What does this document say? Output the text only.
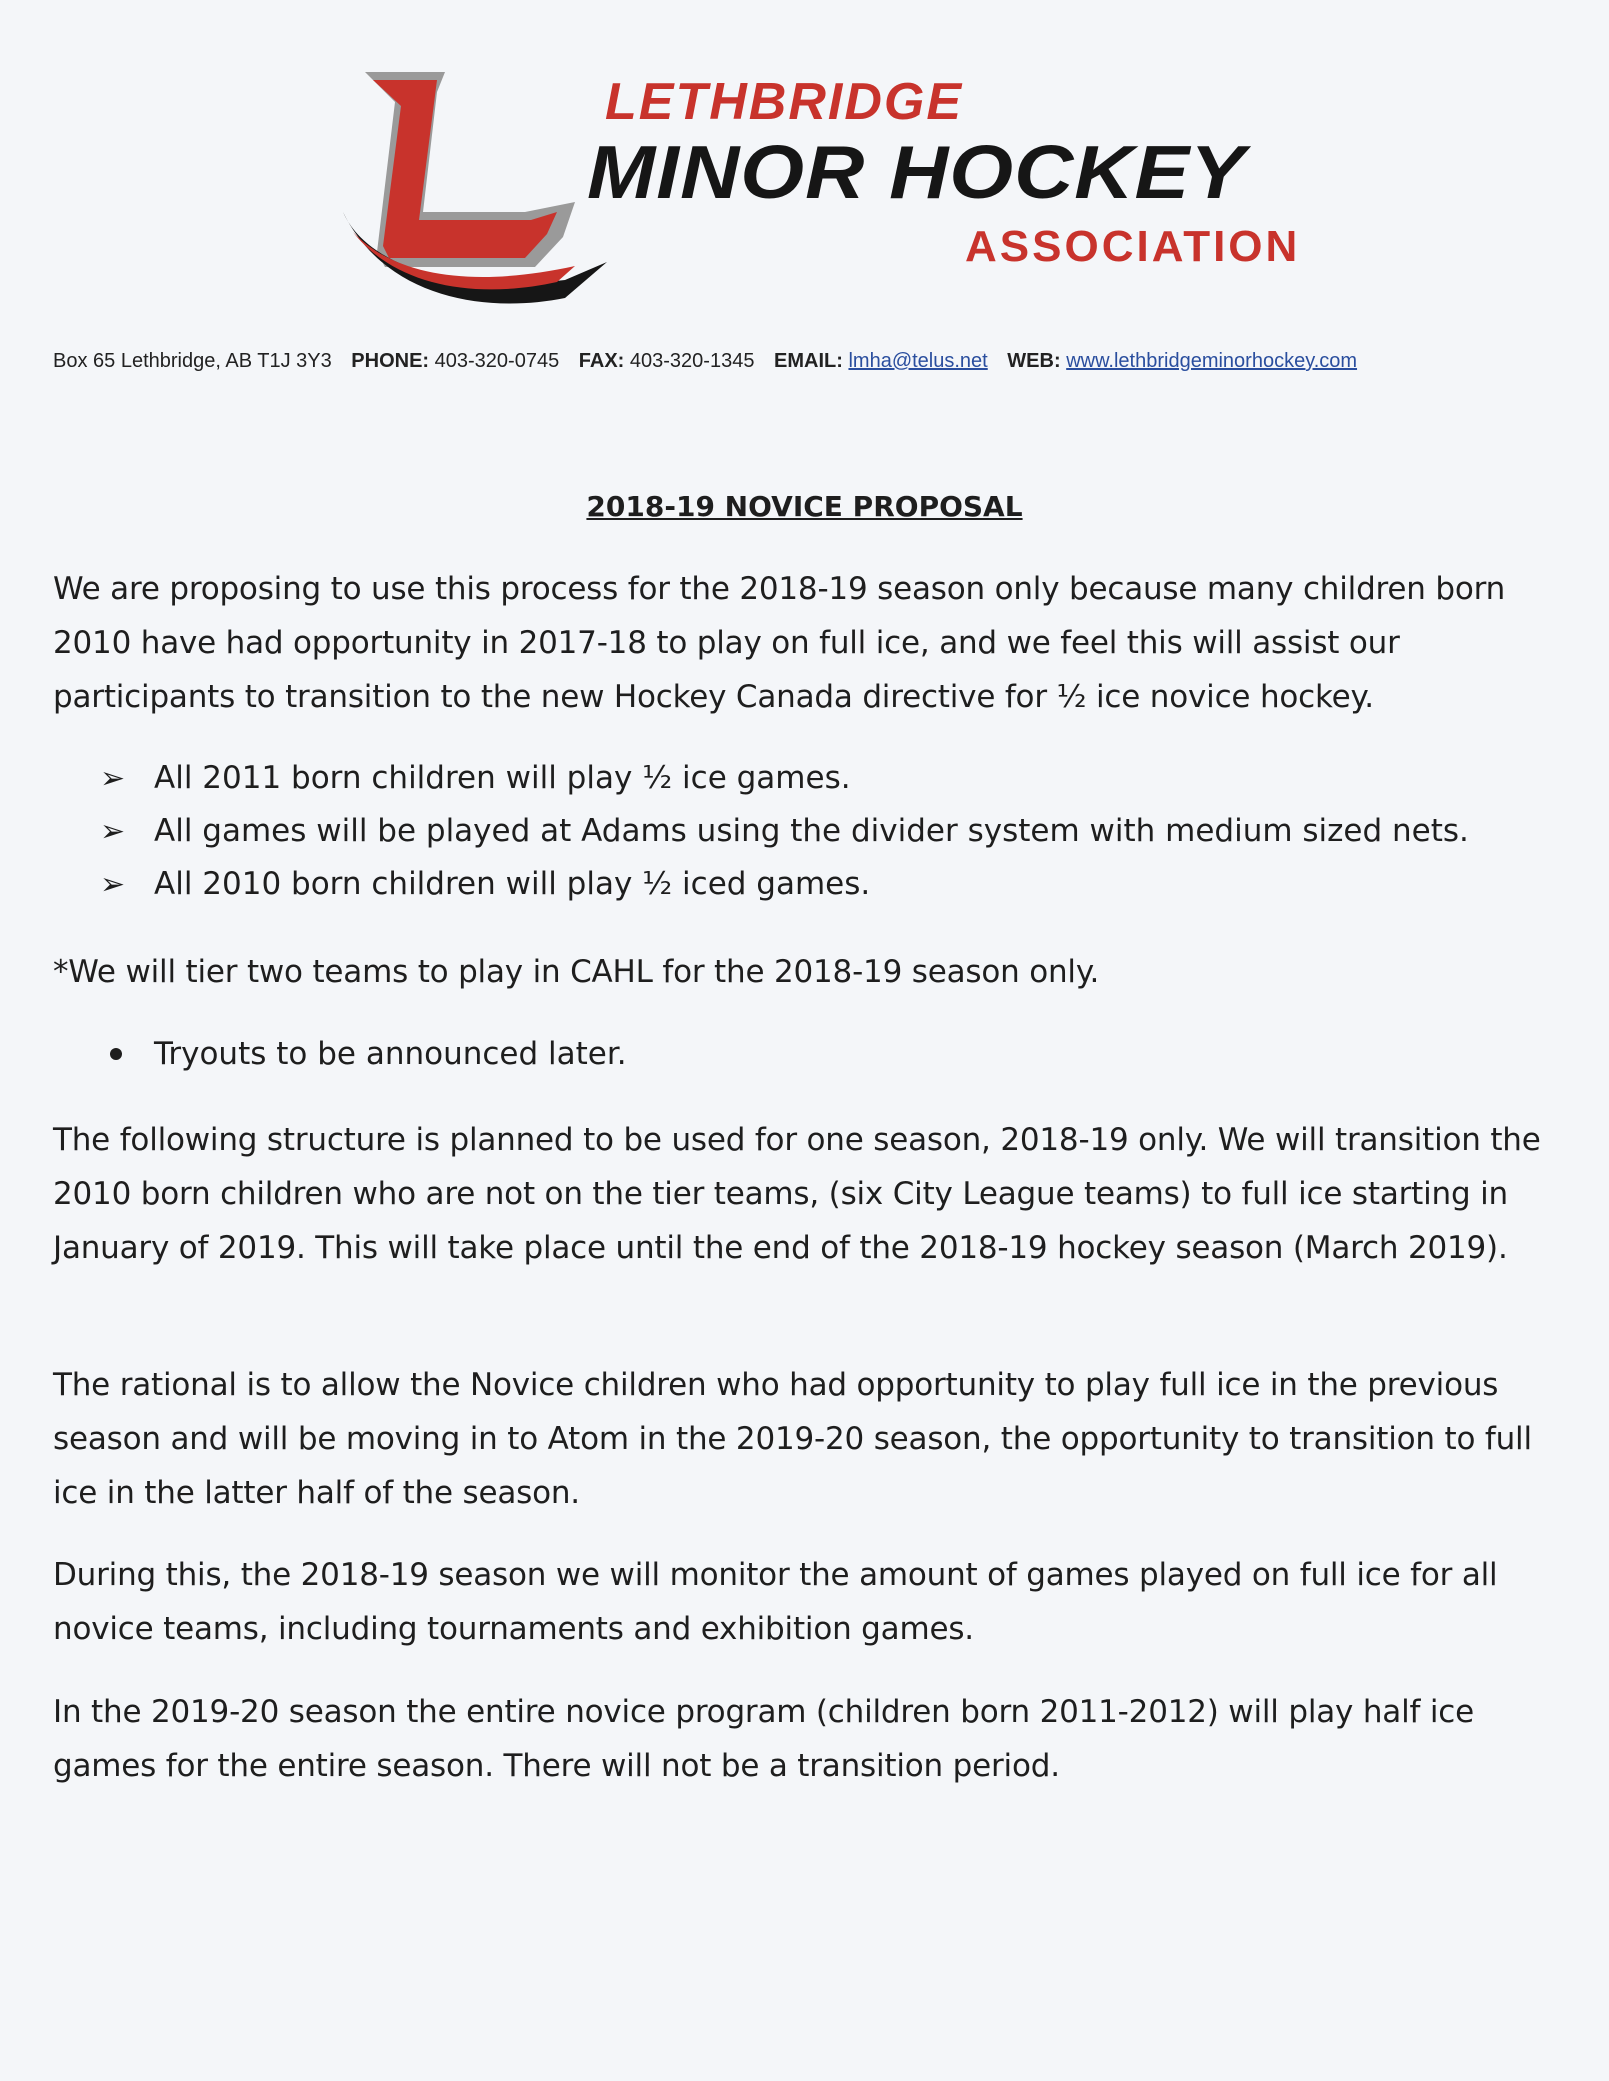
LETHBRIDGE
MINOR HOCKEY
ASSOCIATION
Box 65 Lethbridge, AB T1J 3Y3 PHONE: 403-320-0745 FAX: 403-320-1345 EMAIL: lmha@telus.net WEB: www.lethbridgeminorhockey.com
2018-19 NOVICE PROPOSAL

We are proposing to use this process for the 2018-19 season only because many children born 2010 have had opportunity in 2017-18 to play on full ice, and we feel this will assist our participants to transition to the new Hockey Canada directive for ½ ice novice hockey.

➢ All 2011 born children will play ½ ice games.
➢ All games will be played at Adams using the divider system with medium sized nets.
➢ All 2010 born children will play ½ iced games.

*We will tier two teams to play in CAHL for the 2018-19 season only.

Tryouts to be announced later.

The following structure is planned to be used for one season, 2018-19 only. We will transition the 2010 born children who are not on the tier teams, (six City League teams) to full ice starting in January of 2019. This will take place until the end of the 2018-19 hockey season (March 2019).

The rational is to allow the Novice children who had opportunity to play full ice in the previous season and will be moving in to Atom in the 2019-20 season, the opportunity to transition to full ice in the latter half of the season.

During this, the 2018-19 season we will monitor the amount of games played on full ice for all novice teams, including tournaments and exhibition games.

In the 2019-20 season the entire novice program (children born 2011-2012) will play half ice games for the entire season. There will not be a transition period.
